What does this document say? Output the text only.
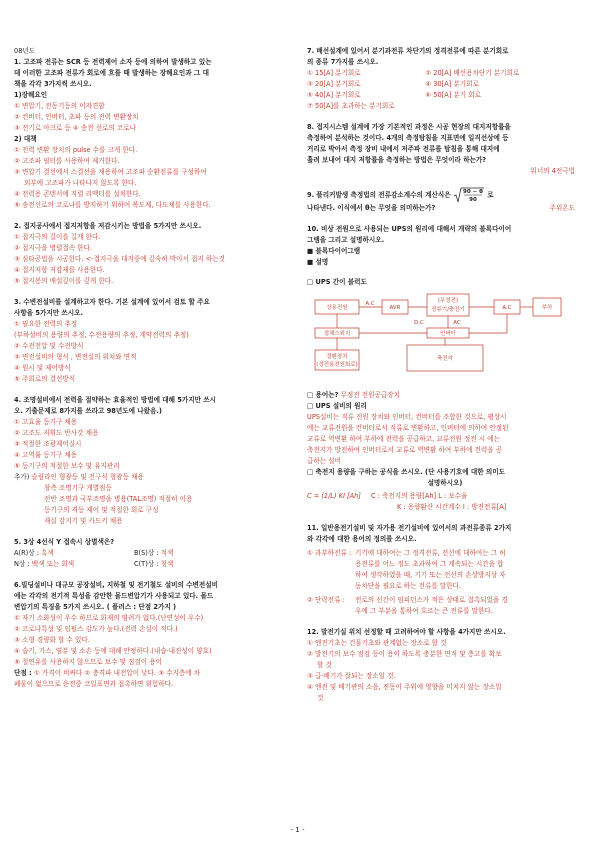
08년도
1. 고조파 전류는 SCR 등 전력제어 소자 등에 의하여 발생하고 있는
데 이러한 고조파 전류가 회로에 흐를 때 발생하는 장해요인과 그 대
책을 각각 3가지씩 쓰시오.
1)장해요인
① 변압기, 전동기등의 이자견함
② 컨버터, 인버터, 초파 등의 전력 변환장치
③ 전기로 아크로 등 ④ 송전 선로의 코로나
2) 대책
① 전력 변환 장치의 pulse 수를 크게 한다.
② 고조파 필터를 사용하여 제거한다.
③ 변압기 결선에서 스결선을 채용하여 고조파 순환전류를 구성하여
외부에 고조파가 나타나지 않도록 한다.
④ 전력용 콘덴서에 직렬 리액터를 설치한다.
⑤ 송전선로의 코로나를 방지하기 위하여 복도체, 다도체를 사용한다.
2. 접지공사에서 접지저항을 저감시키는 방법을 5가지만 쓰시오.
① 접지극의 길이를 길게 한다.
② 접지극을 병렬접속 한다.
③ 심타공법을 시공한다. <-접지극을 대지중에 깊숙히 박아서 접지 하는것
④ 접지저항 저감제를 사용한다.
⑤ 접지봉의 매설깊이를 깊게 한다.
3. 수변전설비를 설계하고자 한다. 기본 설계에 있어서 검토 할 주요
사항을 5가지만 쓰시오.
① 필요한 전력의 추정
(부하설비의 용량의 추정, 수전용량의 추정, 계약전력의 추정)
② 수전전압 및 수전방식
③ 변전설비의 형식 , 변전실의 위치와 면적
④ 원시 및 제어방식
⑤ 주회로의 결선방식
4. 조명설비에서 전력을 절약하는 효율적인 방법에 대해 5가지만 쓰시
오. 기출문제로 8가지를 쓰라고 98년도에 나왔음.)
① 고효율 등기구 채용
② 고조도 저휘도 반사갓 채용
③ 적절한 조광제어실시
④ 고역률 등기구 채용
⑤ 등기구의 적절한 보수 및 유지관리
추가) 슬림라인 형광등 및 전구식 형광등 채용
창측 조명기구 개별점등
전반 조명과 국부조명을 병용(TAL조명) 적절히 이용
등기구의 격등 제어 및 적절한 회로 구성
재실 감지기 및 카드키 채용
5. 3상 4선식 Y 접속시 상별색은?
A(R)상 : 흑색	B(S)상 : 적색
N상 : 백색 또는 회색	C(T)상 : 청색
6.빌딩설비나 대규모 공장설비, 지하철 및 전기철도 설비의 수변전설비
에는 각각의 전기적 특성을 감안한 몰드변압기가 사용되고 있다. 몰드
변압기의 특징을 5가지 쓰시오. ( 플러스 : 단점 2가지 )
① 자기 소화성이 우수 하므로 화재의 염려가 없다.(난연성이 우수)
② 코로나특성 및 임펄스 강도가 높다.(전력 손실이 적다.)
③ 소형 경량화 할 수 있다.
④ 습기, 가스, 염분 및 소손 등에 대해 안정하다.(내습·내진성이 양호)
⑤ 절연유를 사용하지 않으므로 보수 및 점검이 용이
단점 : ① 가격이 비싸다 ② 충격파 내전압이 낮다. ③ 수지층에 차
폐물이 없으므로 운전중 코일표면과 접촉하면 위험하다.
7. 배선설계에 있어서 분기과전류 차단기의 정격전류에 따른 분기회로
의 종류 7가지를 쓰시오.
① 15[A] 분기회로	② 20[A] 배선용차단기 분기회로
③ 20[A] 분기회로	④ 30[A] 분기회로
⑤ 40[A] 분기회로	⑥ 50[A] 분기 회로
⑦ 50[A]를 초과하는 분기회로
8. 접지시스템 설계에 가장 기본적인 과정은 시공 현장의 대지저항률을
측정하여 분석하는 것이다. 4개의 측정탐침을 지표면에 일직선상에 등
거리로 박아서 측정 장비 내에서 저주파 전류를 탐침을 통해 대지에
흘려 보내어 대지 저항률을 측정하는 방법은 무엇이라 하는가?
워너의 4전극법
9. 플리커발생 측정법의 전류감소계수의 계산식은 90 − θ
90
로
나타낸다. 이식에서 θ는 무엇을 의미하는가?	주위온도
10. 비상 전원으로 사용되는 UPS의 원리에 대해서 개략의 블록다이어
그램을 그리고 설명하시오.
■ 블록다이어그램
■ 설명
□ UPS 간이 블럭도
상용전원
A.C
AVR
(무정전)
정류기/충전기	A.C	부하
절체스위치
D.C	AC
인버터
축전지
절환장치
(정전용전원회로)
□ 용어는? 무정전 전원공급장치
□ UPS 설비의 원리
UPS설비는 직류 전원 장치와 인버터, 컨버터를 조합한 것으로, 평상시
에는 교류전원을 컨버터로서 직류로 변환하고, 인버터에 의하여 안정된
교류로 역변환 하여 부하에 전력을 공급하고, 교류전원 정전 시 에는
축전지가 방전하여 인버터로서 교류로 역변환 하여 부하에 전력을 공
급하는 설비
□ 축전지 용량을 구하는 공식을 쓰시오. (단 사용기호에 대한 의미도
설명하시오)
C = (1/L) KI [Ah] C : 축전지의 용량[Ah] L : 보수율
K : 용량환산 시간계수 I : 방전전류[A]
11. 일반용전기설비 및 자가용 전기설비에 있어서의 과전류종류 2가지
와 각각에 대한 용어의 정의를 쓰시오.
① 과부하전류 : 기기에 대하여는 그 정격전류, 전선에 대하여는 그 허
용전류를 어느 정도 초과하여 그 계속되는 시간을 합
하여 생각하였을 때, 기기 또는 전선의 손상방지상 자
동차단을 필요로 하는 전류를 말한다.
② 단락전류 :	전로의 선간이 임피던스가 적은 상태로 접촉되었을 경
우에 그 부분을 통하여 흐르는 큰 전류를 말한다.
12. 발전기실 위치 선정할 때 고려하여야 할 사항을 4가지만 쓰시오.
① 엔진기초는 건물기초와 관계없는 장소로 할 것
② 발전기의 보수 점검 등이 용이 하도록 충분한 면적 및 층고를 확보
할 것
③ 급·배기가 잘되는 장소일 것.
④ 엔진 및 배기관의 소음, 진동이 주위에 영향을 미치지 않는 장소일
것
- 1 -
